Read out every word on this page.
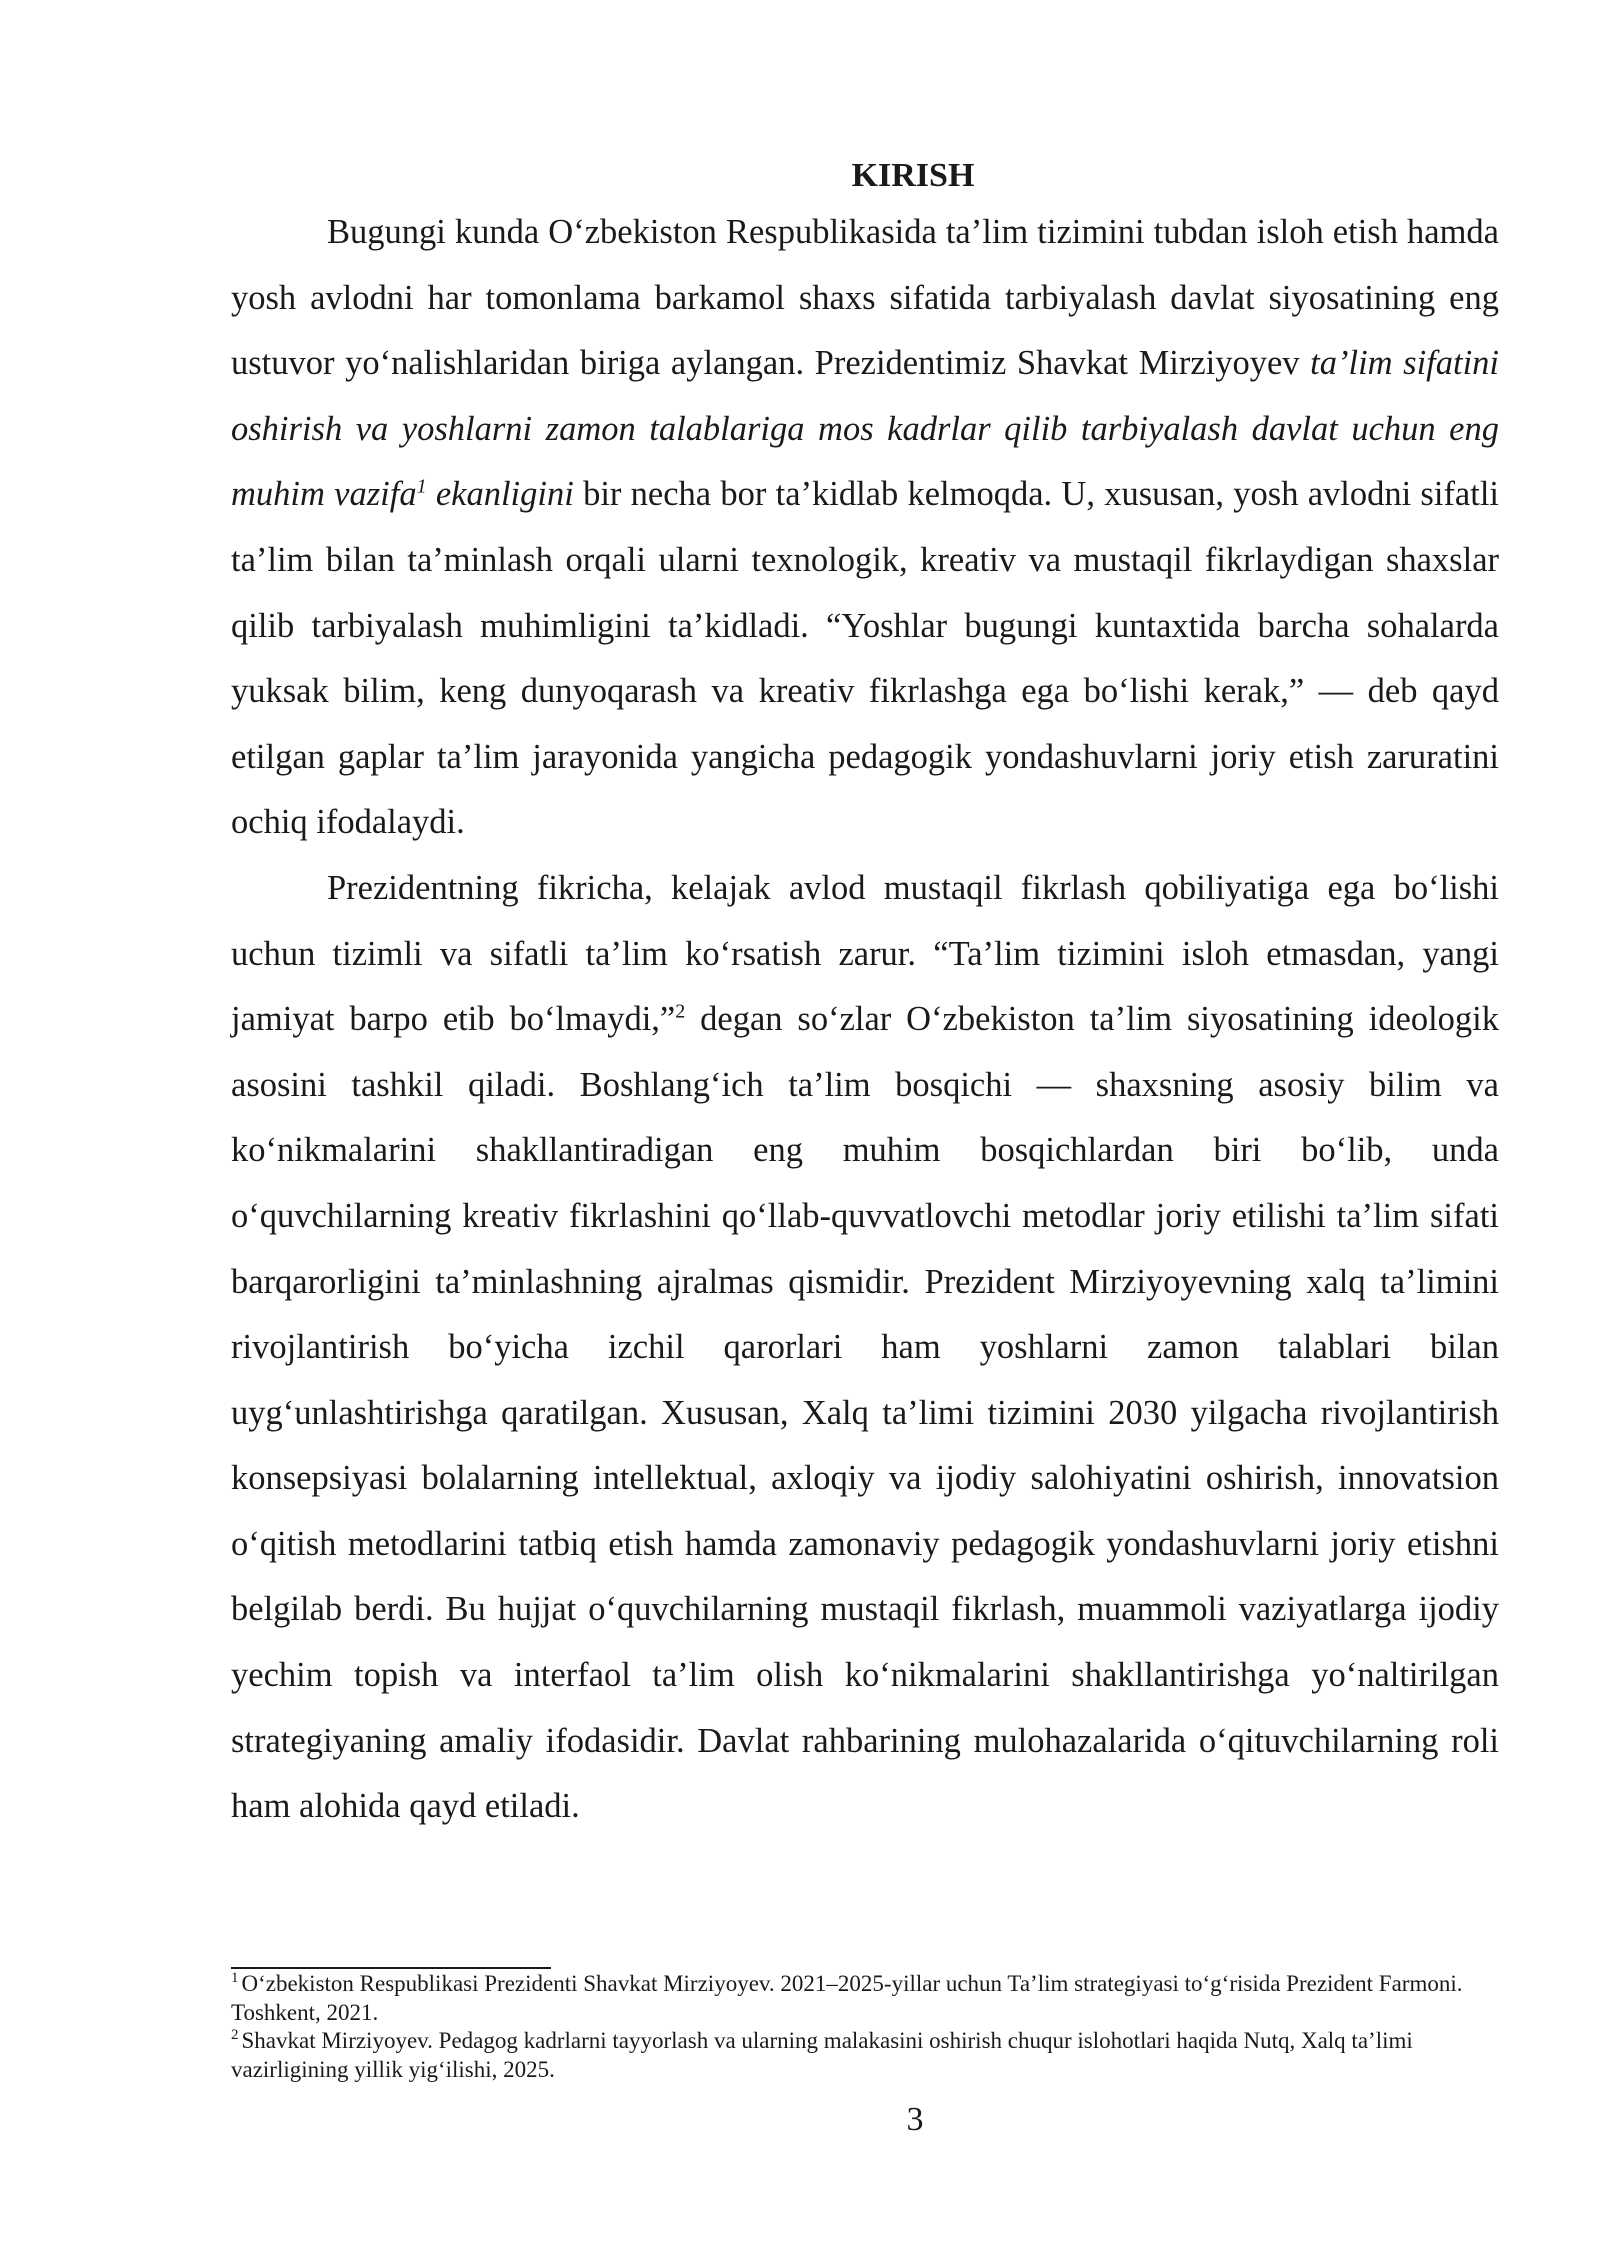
KIRISH

Bugungi kunda O‘zbekiston Respublikasida ta’lim tizimini tubdan isloh etish hamda yosh avlodni har tomonlama barkamol shaxs sifatida tarbiyalash davlat siyosatining eng ustuvor yo‘nalishlaridan biriga aylangan. Prezidentimiz Shavkat Mirziyoyev ta’lim sifatini oshirish va yoshlarni zamon talablariga mos kadrlar qilib tarbiyalash davlat uchun eng muhim vazifa$^1$ ekanligini bir necha bor ta’kidlab kelmoqda. U, xususan, yosh avlodni sifatli ta’lim bilan ta’minlash orqali ularni texnologik, kreativ va mustaqil fikrlaydigan shaxslar qilib tarbiyalash muhimligini ta’kidladi. “Yoshlar bugungi kuntaxtida barcha sohalarda yuksak bilim, keng dunyoqarash va kreativ fikrlashga ega bo‘lishi kerak,” — deb qayd etilgan gaplar ta’lim jarayonida yangicha pedagogik yondashuvlarni joriy etish zaruratini ochiq ifodalaydi.

Prezidentning fikricha, kelajak avlod mustaqil fikrlash qobiliyatiga ega bo‘lishi uchun tizimli va sifatli ta’lim ko‘rsatish zarur. “Ta’lim tizimini isloh etmasdan, yangi jamiyat barpo etib bo‘lmaydi,”$^2$ degan so‘zlar O‘zbekiston ta’lim siyosatining ideologik asosini tashkil qiladi. Boshlang‘ich ta’lim bosqichi — shaxsning asosiy bilim va ko‘nikmalarini shakllantiradigan eng muhim bosqichlardan biri bo‘lib, unda o‘quvchilarning kreativ fikrlashini qo‘llab-quvvatlovchi metodlar joriy etilishi ta’lim sifati barqarorligini ta’minlashning ajralmas qismidir. Prezident Mirziyoyevning xalq ta’limini rivojlantirish bo‘yicha izchil qarorlari ham yoshlarni zamon talablari bilan uyg‘unlashtirishga qaratilgan. Xususan, Xalq ta’limi tizimini 2030 yilgacha rivojlantirish konsepsiyasi bolalarning intellektual, axloqiy va ijodiy salohiyatini oshirish, innovatsion o‘qitish metodlarini tatbiq etish hamda zamonaviy pedagogik yondashuvlarni joriy etishni belgilab berdi. Bu hujjat o‘quvchilarning mustaqil fikrlash, muammoli vaziyatlarga ijodiy yechim topish va interfaol ta’lim olish ko‘nikmalarini shakllantirishga yo‘naltirilgan strategiyaning amaliy ifodasidir. Davlat rahbarining mulohazalarida o‘qituvchilarning roli ham alohida qayd etiladi.

$^1$ O‘zbekiston Respublikasi Prezidenti Shavkat Mirziyoyev. 2021–2025-yillar uchun Ta’lim strategiyasi to‘g‘risida Prezident Farmoni. Toshkent, 2021.

$^2$ Shavkat Mirziyoyev. Pedagog kadrlarni tayyorlash va ularning malakasini oshirish chuqur islohotlari haqida Nutq, Xalq ta’limi vazirligining yillik yig‘ilishi, 2025.

3
